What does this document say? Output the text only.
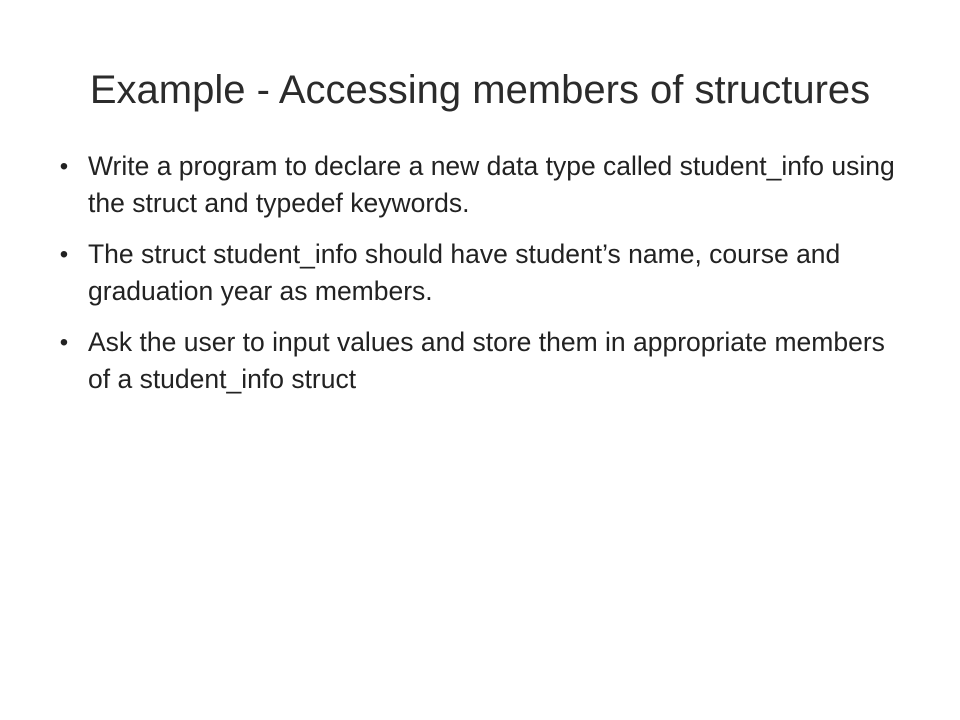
Example - Accessing members of structures
• Write a program to declare a new data type called student_info using the struct and typedef keywords.
• The struct student_info should have student’s name, course and graduation year as members.
• Ask the user to input values and store them in appropriate members of a student_info struct
